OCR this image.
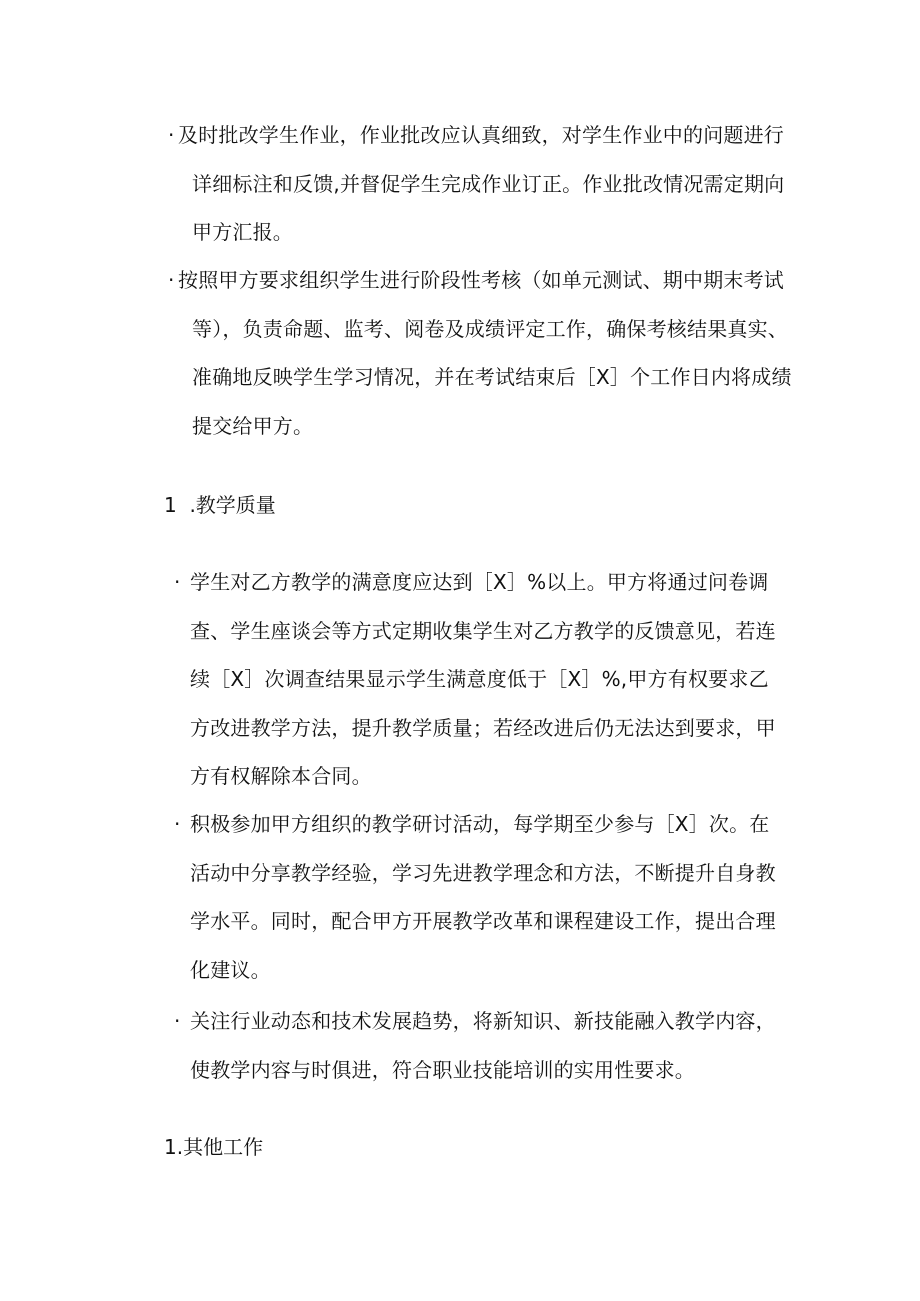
· 及时批改学生作业，作业批改应认真细致，对学生作业中的问题进行
详细标注和反馈,并督促学生完成作业订正。作业批改情况需定期向
甲方汇报。
· 按照甲方要求组织学生进行阶段性考核（如单元测试、期中期末考试
等），负责命题、监考、阅卷及成绩评定工作，确保考核结果真实、
准确地反映学生学习情况，并在考试结束后［X］个工作日内将成绩
提交给甲方。
1  .教学质量
· 学生对乙方教学的满意度应达到［X］%以上。甲方将通过问卷调
查、学生座谈会等方式定期收集学生对乙方教学的反馈意见，若连
续［X］次调查结果显示学生满意度低于［X］%,甲方有权要求乙
方改进教学方法，提升教学质量；若经改进后仍无法达到要求，甲
方有权解除本合同。
· 积极参加甲方组织的教学研讨活动，每学期至少参与［X］次。在
活动中分享教学经验，学习先进教学理念和方法，不断提升自身教
学水平。同时，配合甲方开展教学改革和课程建设工作，提出合理
化建议。
· 关注行业动态和技术发展趋势，将新知识、新技能融入教学内容，
使教学内容与时俱进，符合职业技能培训的实用性要求。
1.其他工作
